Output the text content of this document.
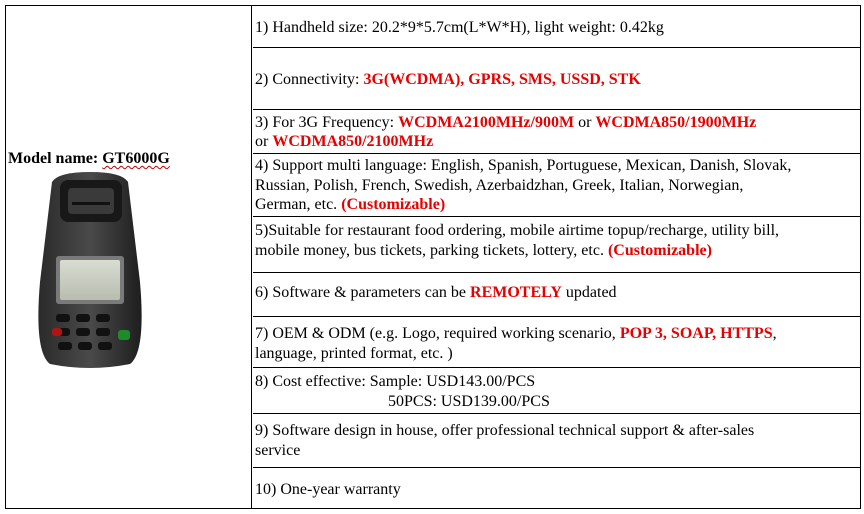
Model name: GT6000G
1) Handheld size: 20.2*9*5.7cm(L*W*H), light weight: 0.42kg
2) Connectivity: 3G(WCDMA), GPRS, SMS, USSD, STK
3) For 3G Frequency: WCDMA2100MHz/900M or WCDMA850/1900MHz
or WCDMA850/2100MHz
4) Support multi language: English, Spanish, Portuguese, Mexican, Danish, Slovak,
Russian, Polish, French, Swedish, Azerbaidzhan, Greek, Italian, Norwegian,
German, etc. (Customizable)
5)Suitable for restaurant food ordering, mobile airtime topup/recharge, utility bill,
mobile money, bus tickets, parking tickets, lottery, etc. (Customizable)
6) Software & parameters can be REMOTELY updated
7) OEM & ODM (e.g. Logo, required working scenario, POP 3, SOAP, HTTPS,
language, printed format, etc. )
8) Cost effective: Sample: USD143.00/PCS
50PCS: USD139.00/PCS
9) Software design in house, offer professional technical support & after-sales
service
10) One-year warranty
